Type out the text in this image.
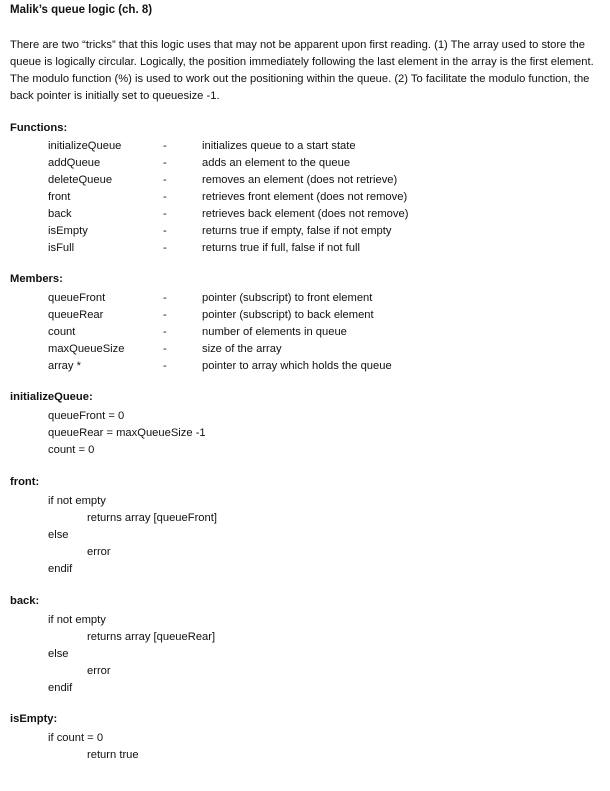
Malik’s queue logic (ch. 8)
There are two “tricks” that this logic uses that may not be apparent upon first reading. (1) The array used to store the queue is logically circular. Logically, the position immediately following the last element in the array is the first element. The modulo function (%) is used to work out the positioning within the queue. (2) To facilitate the modulo function, the back pointer is initially set to queuesize -1.
Functions:
initializeQueue	-	initializes queue to a start state
addQueue	-	adds an element to the queue
deleteQueue	-	removes an element (does not retrieve)
front	-	retrieves front element (does not remove)
back	-	retrieves back element (does not remove)
isEmpty	-	returns true if empty, false if not empty
isFull	-	returns true if full, false if not full
Members:
queueFront	-	pointer (subscript) to front element
queueRear	-	pointer (subscript) to back element
count	-	number of elements in queue
maxQueueSize	-	size of the array
array *	-	pointer to array which holds the queue
initializeQueue:
queueFront = 0
queueRear = maxQueueSize -1
count = 0
front:
if not empty
returns array [queueFront]
else
error
endif
back:
if not empty
returns array [queueRear]
else
error
endif
isEmpty:
if count = 0
return true
